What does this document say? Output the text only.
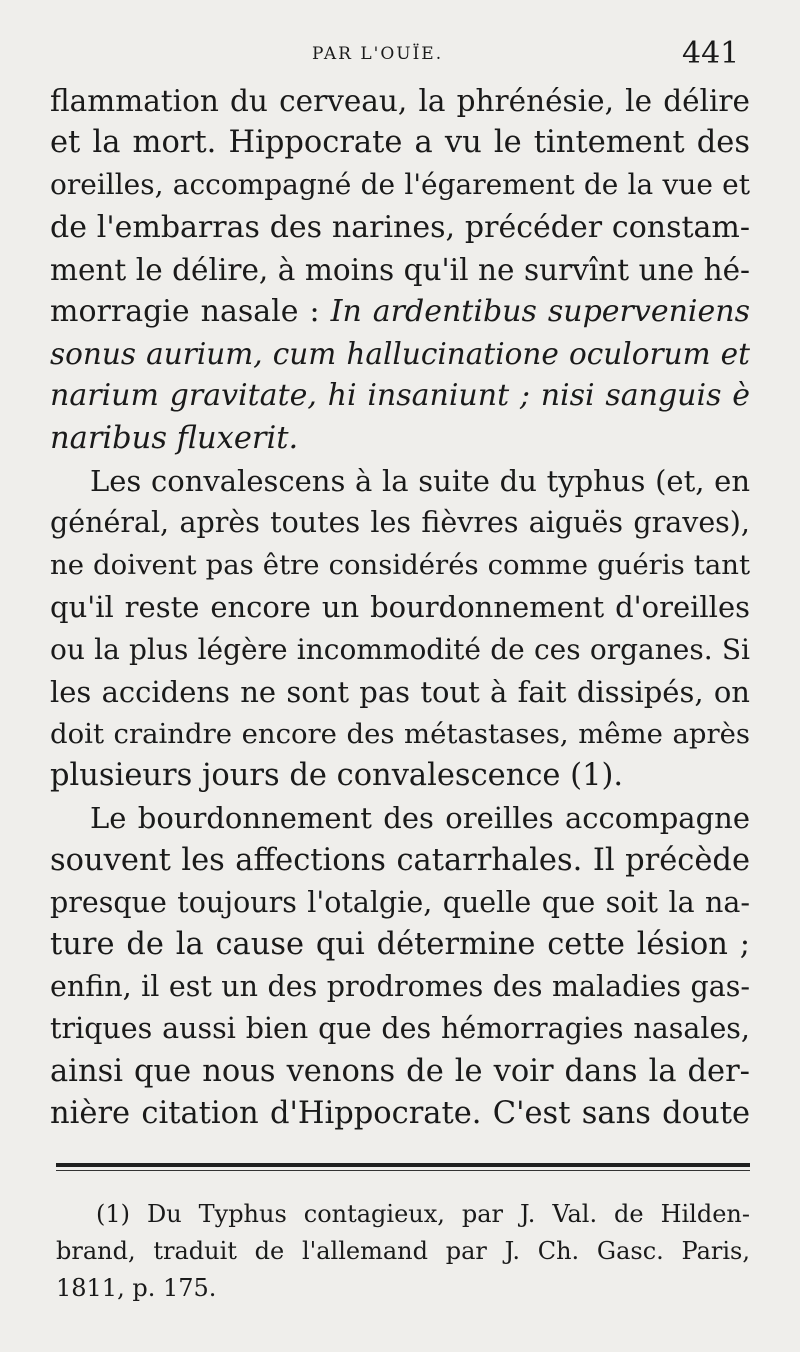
PAR L'OUÏE.	441
flammation du cerveau, la phrénésie, le délire
et la mort. Hippocrate a vu le tintement des
oreilles, accompagné de l'égarement de la vue et
de l'embarras des narines, précéder constam-
ment le délire, à moins qu'il ne survînt une hé-
morragie nasale : In ardentibus superveniens
sonus aurium, cum hallucinatione oculorum et
narium gravitate, hi insaniunt ; nisi sanguis è
naribus fluxerit.
Les convalescens à la suite du typhus (et, en
général, après toutes les fièvres aiguës graves),
ne doivent pas être considérés comme guéris tant
qu'il reste encore un bourdonnement d'oreilles
ou la plus légère incommodité de ces organes. Si
les accidens ne sont pas tout à fait dissipés, on
doit craindre encore des métastases, même après
plusieurs jours de convalescence (1).
Le bourdonnement des oreilles accompagne
souvent les affections catarrhales. Il précède
presque toujours l'otalgie, quelle que soit la na-
ture de la cause qui détermine cette lésion ;
enfin, il est un des prodromes des maladies gas-
triques aussi bien que des hémorragies nasales,
ainsi que nous venons de le voir dans la der-
nière citation d'Hippocrate. C'est sans doute
(1) Du Typhus contagieux, par J. Val. de Hilden-
brand, traduit de l'allemand par J. Ch. Gasc. Paris,
1811, p. 175.
